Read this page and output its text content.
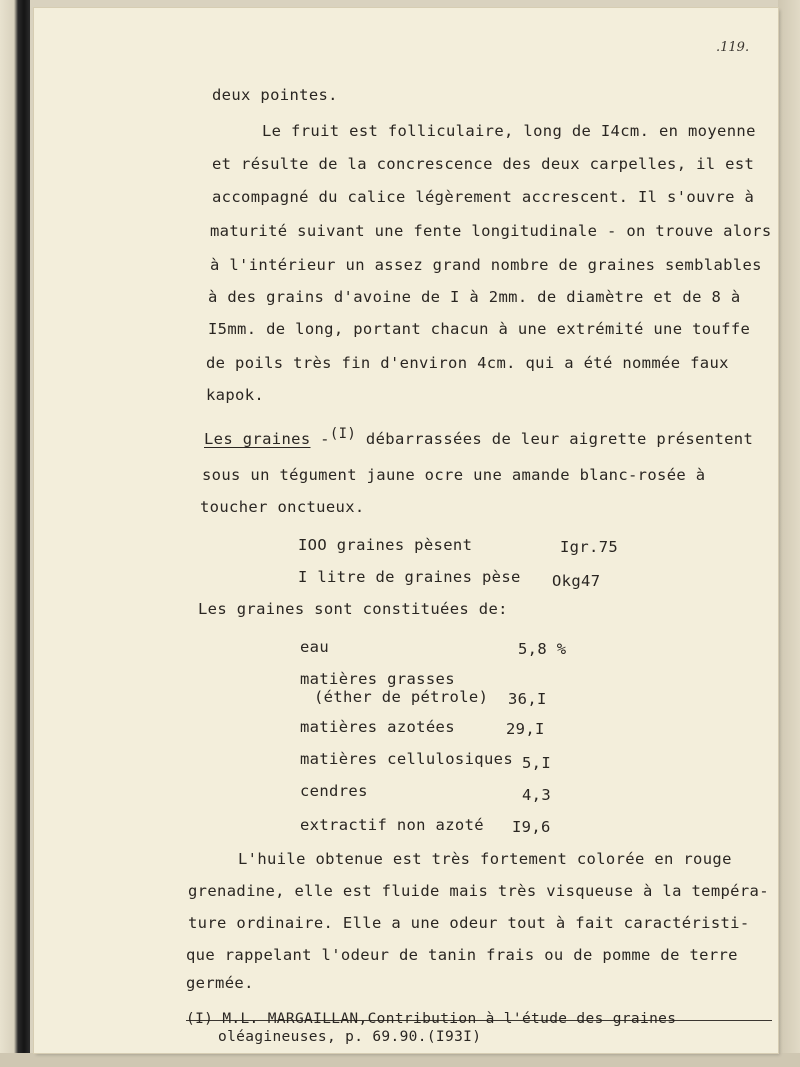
.119.
deux pointes.
Le fruit est folliculaire, long de I4cm. en moyenne
et résulte de la concrescence des deux carpelles, il est
accompagné du calice légèrement accrescent. Il s'ouvre à
maturité suivant une fente longitudinale - on trouve alors
à l'intérieur un assez grand nombre de graines semblables
à des grains d'avoine de I à 2mm. de diamètre et de 8 à
I5mm. de long, portant chacun à une extrémité une touffe
de poils très fin d'environ 4cm. qui a été nommée faux
kapok.
Les graines -(I) débarrassées de leur aigrette présentent
sous un tégument jaune ocre une amande blanc-rosée à
toucher onctueux.
IOO graines pèsent	Igr.75
I litre de graines pèse Okg47
Les graines sont constituées de:
eau	5,8 %
matières grasses
(éther de pétrole) 36,I
matières azotées	29,I
matières cellulosiques 5,I
cendres	4,3
extractif non azoté I9,6
L'huile obtenue est très fortement colorée en rouge
grenadine, elle est fluide mais très visqueuse à la tempéra-
ture ordinaire. Elle a une odeur tout à fait caractéristi-
que rappelant l'odeur de tanin frais ou de pomme de terre
germée.
(I) M.L. MARGAILLAN,Contribution à l'étude des graines
oléagineuses, p. 69.90.(I93I)
